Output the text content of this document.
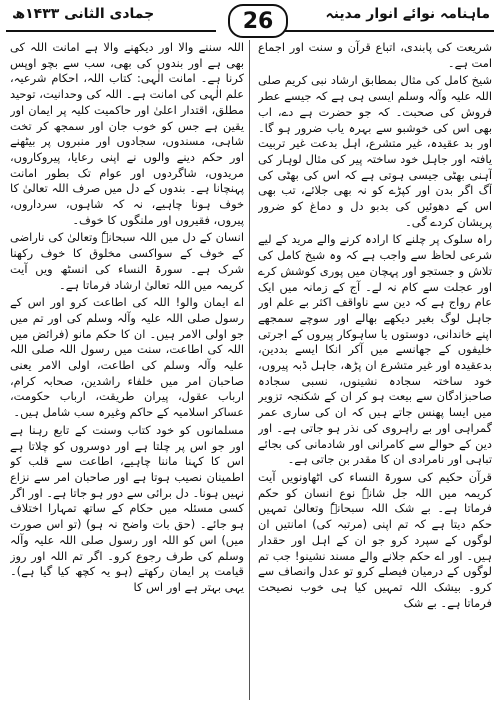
ماہنامہ نوائے انوار مدینہ
جمادی الثانی ۱۴۳۳ھ	26

شریعت کی پابندی، اتباع قرآن و سنت اور اجماع امت ہے۔

شیخ کامل کی مثال بمطابق ارشاد نبی کریم صلی اللہ علیہ وآلہ وسلم ایسی ہی ہے کہ جیسے عطر فروش کی صحبت۔ کہ جو حضرت ہے دے، اب بھی اس کی خوشبو سے بہرہ یاب ضرور ہو گا۔ اور بد عقیدہ، غیر متشرع، اہل بدعت غیر تربیت یافتہ اور جاہل خود ساختہ پیر کی مثال لوہار کی آہنی بھٹی جیسی ہوتی ہے کہ اس کی بھٹی کی آگ اگر بدن اور کپڑے کو نہ بھی جلائے، تب بھی اس کے دھوئیں کی بدبو دل و دماغ کو ضرور پریشان کردے گی۔

راہ سلوک پر چلنے کا ارادہ کرنے والے مرید کے لیے شرعی لحاظ سے واجب ہے کہ وہ شیخ کامل کی تلاش و جستجو اور پہچان میں پوری کوشش کرے اور عجلت سے کام نہ لے۔ آج کے زمانہ میں ایک عام رواج ہے کہ دین سے ناواقف اکثر بے علم اور جاہل لوگ بغیر دیکھے بھالے اور سوچے سمجھے اپنے خاندانی، دوستوں یا ساہوکار پیروں کے اجرتی خلیفوں کے جھانسے میں آکر انکا ایسے بددین، بدعقیدہ اور غیر متشرع ان پڑھ، جاہل ڈبہ پیروں، خود ساختہ سجادہ نشینوں، نسبی سجادہ صاحبزادگان سے بیعت ہو کر ان کے شکنجہ تزویر میں ایسا پھنس جاتے ہیں کہ ان کی ساری عمر گمراہی اور بے راہروی کی نذر ہو جاتی ہے۔ اور دین کے حوالے سے کامرانی اور شادمانی کی بجائے تباہی اور نامرادی ان کا مقدر بن جاتی ہے۔

قرآن حکیم کی سورۃ النساء کی اٹھاونویں آیت کریمہ میں اللہ جل شانہٗ نوع انسان کو حکم فرماتا ہے۔ بے شک اللہ سبحانہٗ وتعالیٰ تمہیں حکم دیتا ہے کہ تم اپنی (مرتبہ کی) امانتیں ان لوگوں کے سپرد کرو جو ان کے اہل اور حقدار ہیں۔ اور اے حکم جلانے والے مسند نشینو! جب تم لوگوں کے درمیان فیصلے کرو تو عدل وانصاف سے کرو۔ بیشک اللہ تمہیں کیا ہی خوب نصیحت فرماتا ہے۔ بے شک

اللہ سننے والا اور دیکھنے والا ہے امانت اللہ کی بھی ہے اور بندوں کی بھی، سب سے بچو اوپس کرنا ہے۔ امانت الٰہی: کتاب اللہ، احکام شرعیہ، علم الٰہی کی امانت ہے۔ اللہ کی وحدانیت، توحید مطلق، اقتدار اعلیٰ اور حاکمیت کلیہ پر ایمان اور یقین ہے جس کو خوب جان اور سمجھ کر تخت شاہی، مسندوں، سجادوں اور منبروں پر بیٹھنے اور حکم دینے والوں نے اپنی رعایا، پیروکاروں، مریدوں، شاگردوں اور عوام تک بطور امانت پہنچانا ہے۔ بندوں کے دل میں صرف اللہ تعالیٰ کا خوف ہونا چاہیے، نہ کہ شاہوں، سرداروں، پیروں، فقیروں اور ملنگوں کا خوف۔

انسان کے دل میں اللہ سبحانہٗ وتعالیٰ کی ناراضی کے خوف کے سواکسی مخلوق کا خوف رکھنا شرک ہے۔ سورۃ النساء کی انسٹھ ویں آیت کریمہ میں اللہ تعالیٰ ارشاد فرماتا ہے۔

اے ایمان والو! اللہ کی اطاعت کرو اور اس کے رسول صلی اللہ علیہ وآلہ وسلم کی اور تم میں جو اولی الامر ہیں۔ ان کا حکم مانو (فرائض میں اللہ کی اطاعت، سنت میں رسول اللہ صلی اللہ علیہ وآلہ وسلم کی اطاعت، اولی الامر یعنی صاحبان امر میں خلفاء راشدین، صحابہ کرام، ارباب عقول، پیران طریقت، ارباب حکومت، عساکر اسلامیہ کے حاکم وغیرہ سب شامل ہیں۔

مسلمانوں کو خود کتاب وسنت کے تابع رہنا ہے اور جو اس پر چلتا ہے اور دوسروں کو چلاتا ہے اس کا کہنا ماننا چاہیے، اطاعت سے قلب کو اطمینان نصیب ہوتا ہے اور صاحبان امر سے نزاع نہیں ہونا۔ دل برائی سے دور ہو جاتا ہے۔ اور اگر کسی مسئلہ میں حکام کے ساتھ تمہارا اختلاف ہو جائے۔ (حق بات واضح نہ ہو) (تو اس صورت میں) اس کو اللہ اور رسول صلی اللہ علیہ وآلہ وسلم کی طرف رجوع کرو۔ اگر تم اللہ اور روز قیامت پر ایمان رکھتے (ہو یہ کچھ کیا گیا ہے)۔ یہی بہتر ہے اور اس کا
